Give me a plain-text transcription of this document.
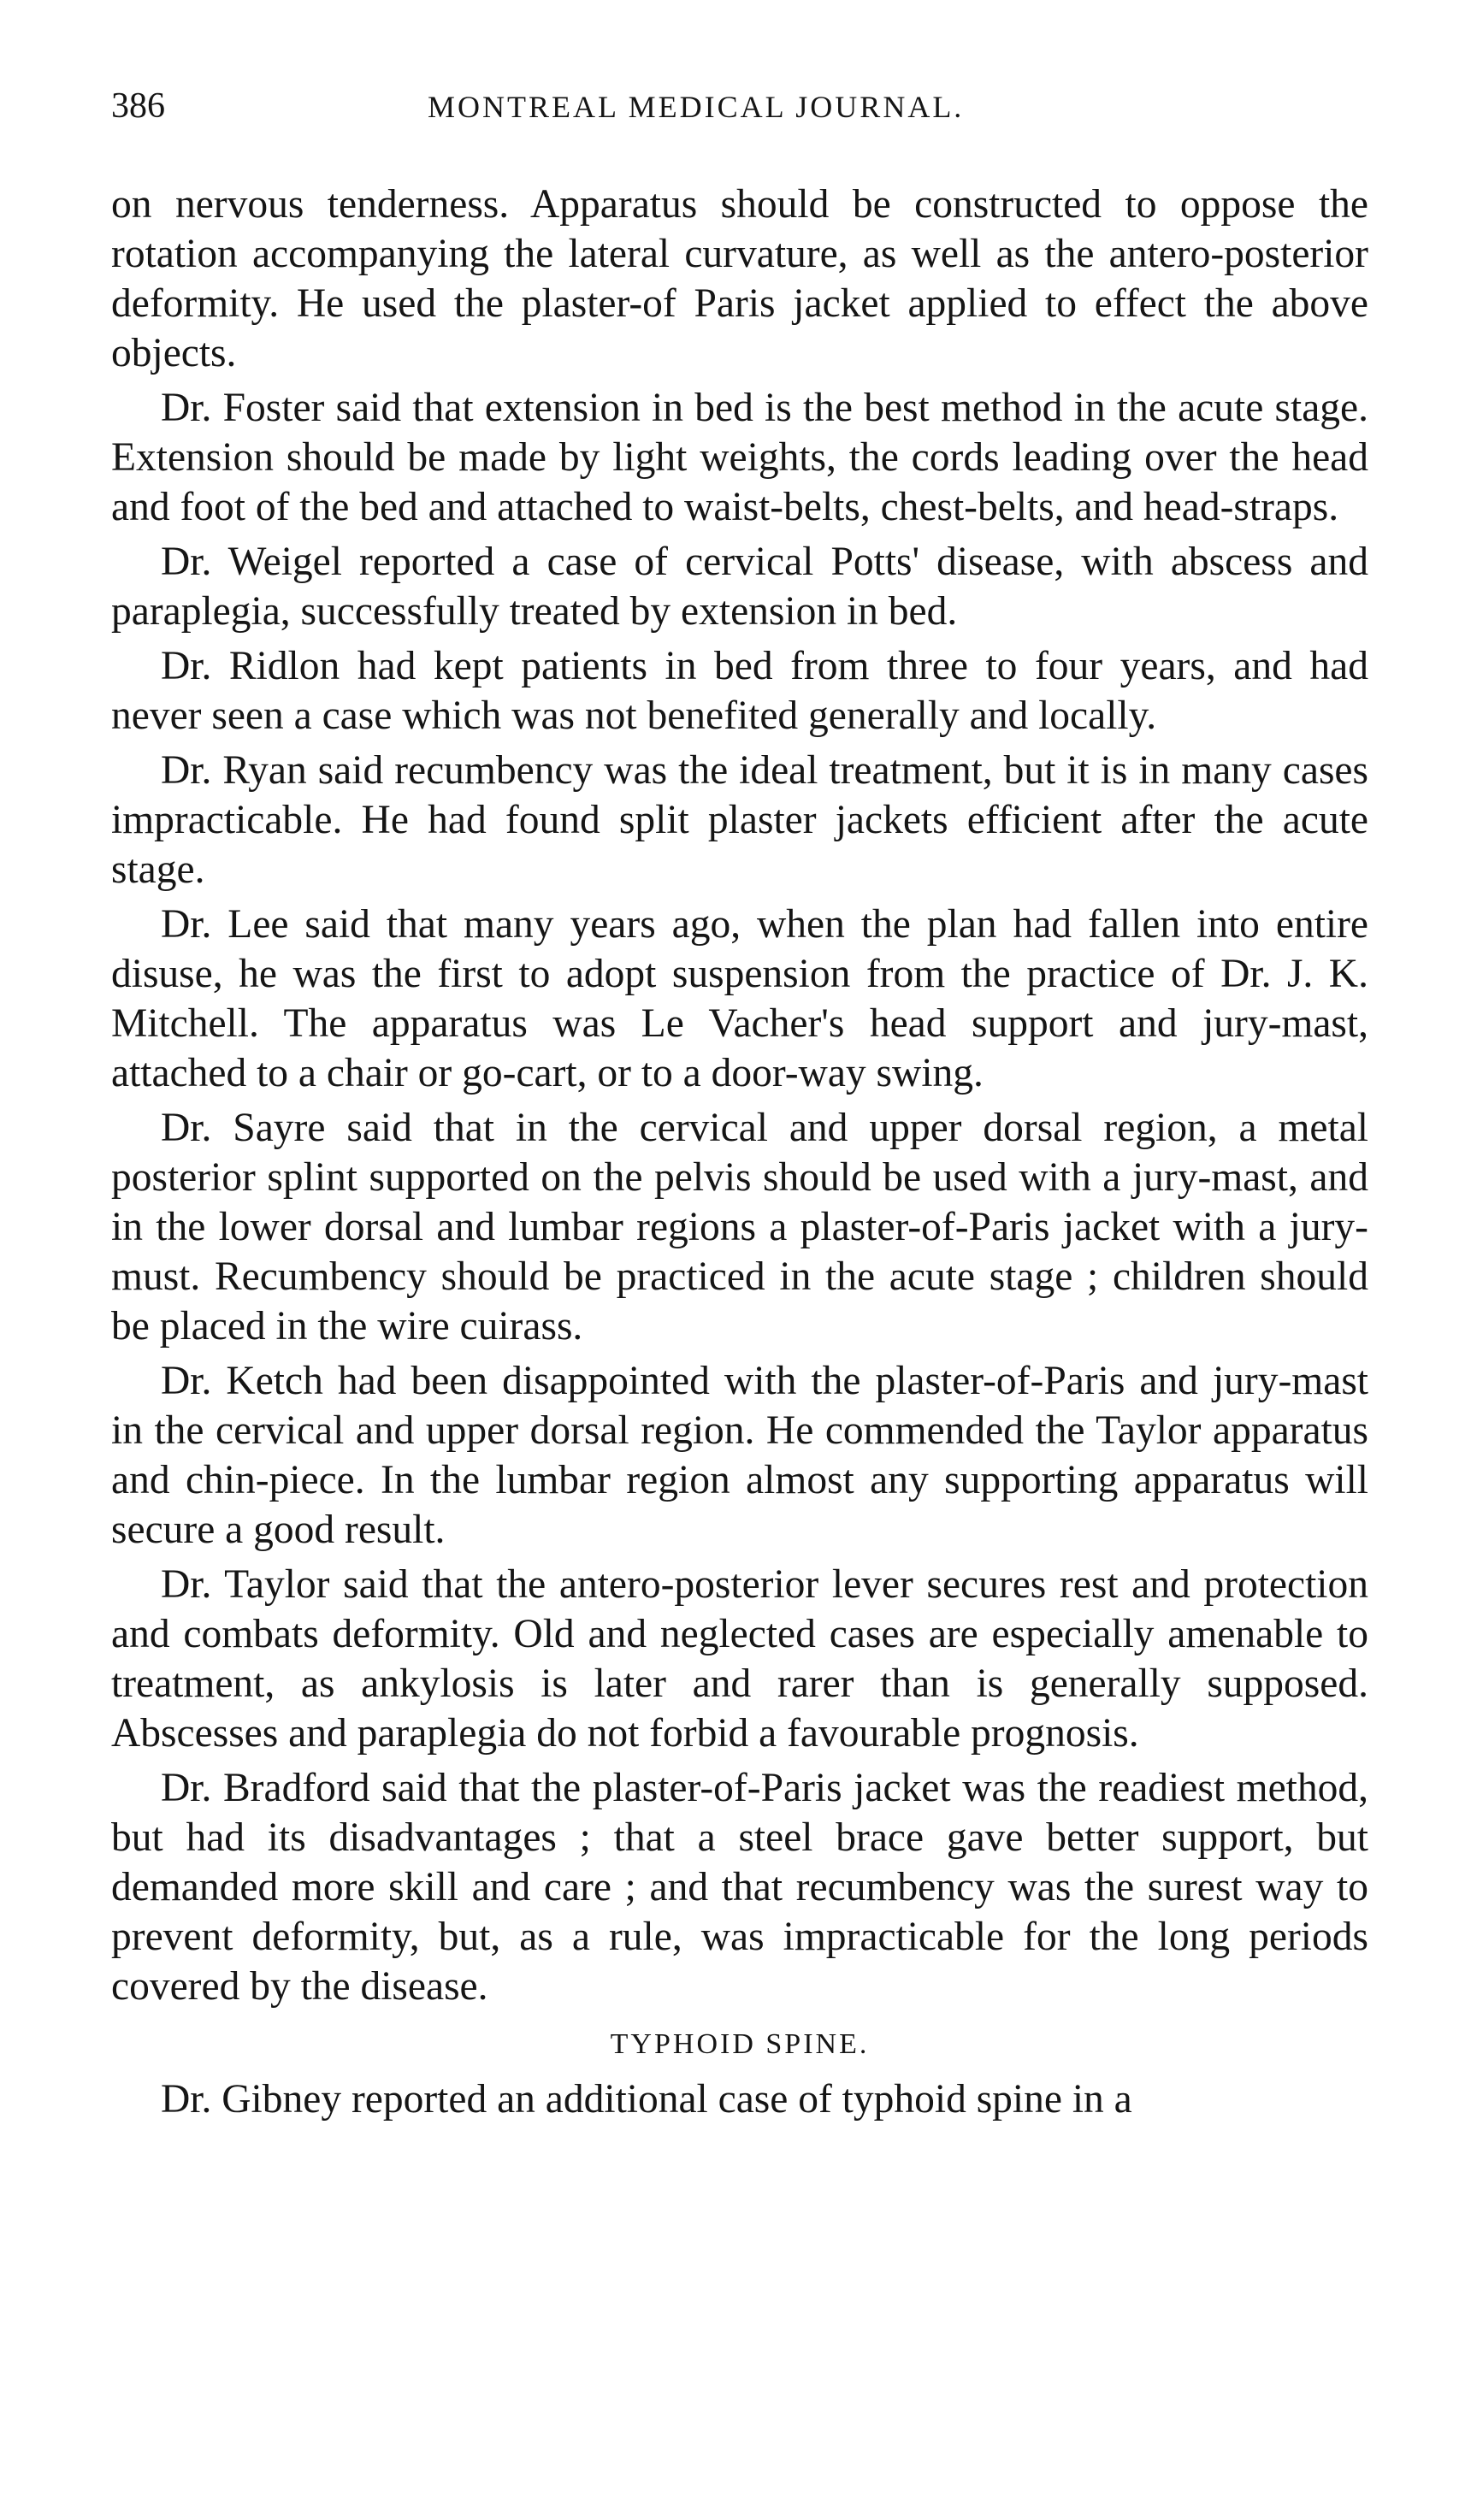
386	MONTREAL MEDICAL JOURNAL.

on nervous tenderness. Apparatus should be constructed to oppose the rotation accompanying the lateral curvature, as well as the antero-posterior deformity. He used the plaster-of Paris jacket applied to effect the above objects.

Dr. Foster said that extension in bed is the best method in the acute stage. Extension should be made by light weights, the cords leading over the head and foot of the bed and attached to waist-belts, chest-belts, and head-straps.

Dr. Weigel reported a case of cervical Potts' disease, with abscess and paraplegia, successfully treated by extension in bed.

Dr. Ridlon had kept patients in bed from three to four years, and had never seen a case which was not benefited generally and locally.

Dr. Ryan said recumbency was the ideal treatment, but it is in many cases impracticable. He had found split plaster jackets efficient after the acute stage.

Dr. Lee said that many years ago, when the plan had fallen into entire disuse, he was the first to adopt suspension from the practice of Dr. J. K. Mitchell. The apparatus was Le Vacher's head support and jury-mast, attached to a chair or go-cart, or to a door-way swing.

Dr. Sayre said that in the cervical and upper dorsal region, a metal posterior splint supported on the pelvis should be used with a jury-mast, and in the lower dorsal and lumbar regions a plaster-of-Paris jacket with a jury-must. Recumbency should be practiced in the acute stage ; children should be placed in the wire cuirass.

Dr. Ketch had been disappointed with the plaster-of-Paris and jury-mast in the cervical and upper dorsal region. He commended the Taylor apparatus and chin-piece. In the lumbar region almost any supporting apparatus will secure a good result.

Dr. Taylor said that the antero-posterior lever secures rest and protection and combats deformity. Old and neglected cases are especially amenable to treatment, as ankylosis is later and rarer than is generally supposed. Abscesses and paraplegia do not forbid a favourable prognosis.

Dr. Bradford said that the plaster-of-Paris jacket was the readiest method, but had its disadvantages ; that a steel brace gave better support, but demanded more skill and care ; and that recumbency was the surest way to prevent deformity, but, as a rule, was impracticable for the long periods covered by the disease.

TYPHOID SPINE.

Dr. Gibney reported an additional case of typhoid spine in a
